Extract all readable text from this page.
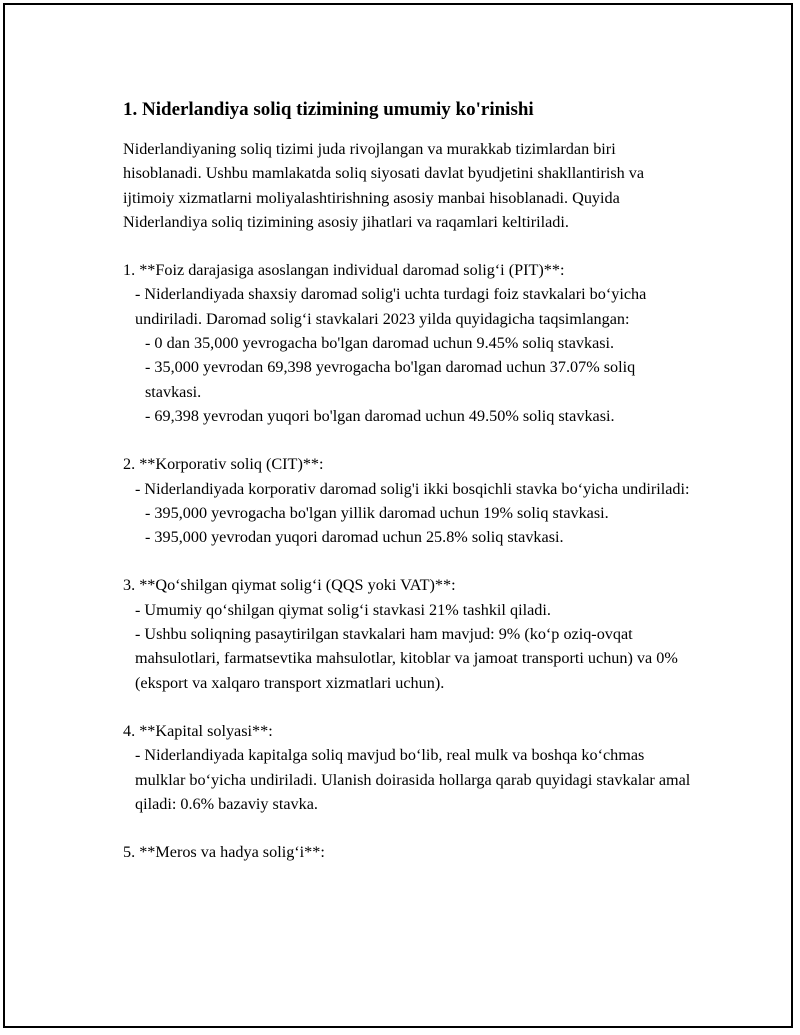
1. Niderlandiya soliq tizimining umumiy ko'rinishi
Niderlandiyaning soliq tizimi juda rivojlangan va murakkab tizimlardan biri hisoblanadi. Ushbu mamlakatda soliq siyosati davlat byudjetini shakllantirish va ijtimoiy xizmatlarni moliyalashtirishning asosiy manbai hisoblanadi. Quyida Niderlandiya soliq tizimining asosiy jihatlari va raqamlari keltiriladi.
1. **Foiz darajasiga asoslangan individual daromad solig‘i (PIT)**:
- Niderlandiyada shaxsiy daromad solig'i uchta turdagi foiz stavkalari bo‘yicha undiriladi. Daromad solig‘i stavkalari 2023 yilda quyidagicha taqsimlangan:
- 0 dan 35,000 yevrogacha bo'lgan daromad uchun 9.45% soliq stavkasi.
- 35,000 yevrodan 69,398 yevrogacha bo'lgan daromad uchun 37.07% soliq stavkasi.
- 69,398 yevrodan yuqori bo'lgan daromad uchun 49.50% soliq stavkasi.
2. **Korporativ soliq (CIT)**:
- Niderlandiyada korporativ daromad solig'i ikki bosqichli stavka bo‘yicha undiriladi:
- 395,000 yevrogacha bo'lgan yillik daromad uchun 19% soliq stavkasi.
- 395,000 yevrodan yuqori daromad uchun 25.8% soliq stavkasi.
3. **Qo‘shilgan qiymat solig‘i (QQS yoki VAT)**:
- Umumiy qo‘shilgan qiymat solig‘i stavkasi 21% tashkil qiladi.
- Ushbu soliqning pasaytirilgan stavkalari ham mavjud: 9% (ko‘p oziq-ovqat mahsulotlari, farmatsevtika mahsulotlar, kitoblar va jamoat transporti uchun) va 0% (eksport va xalqaro transport xizmatlari uchun).
4. **Kapital solyasi**:
- Niderlandiyada kapitalga soliq mavjud bo‘lib, real mulk va boshqa ko‘chmas mulklar bo‘yicha undiriladi. Ulanish doirasida hollarga qarab quyidagi stavkalar amal qiladi: 0.6% bazaviy stavka.
5. **Meros va hadya solig‘i**:
